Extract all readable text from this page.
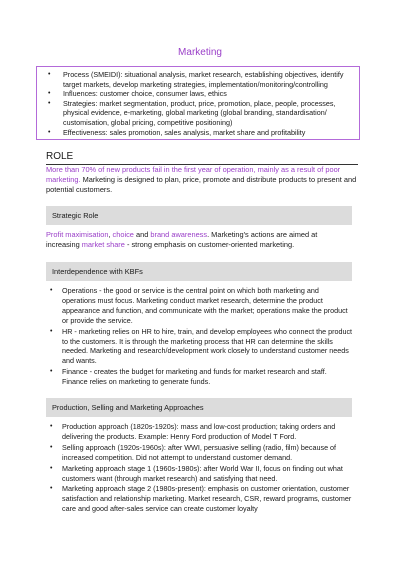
Marketing
• Process (SMEIDI): situational analysis, market research, establishing objectives, identify target markets, develop marketing strategies, implementation/monitoring/controlling
• Influences: customer choice, consumer laws, ethics
• Strategies: market segmentation, product, price, promotion, place, people, processes, physical evidence, e-marketing, global marketing (global branding, standardisation/ customisation, global pricing, competitive positioning)
• Effectiveness: sales promotion, sales analysis, market share and profitability
ROLE
More than 70% of new products fail in the first year of operation, mainly as a result of poor marketing. Marketing is designed to plan, price, promote and distribute products to present and potential customers.
Strategic Role
Profit maximisation, choice and brand awareness. Marketing's actions are aimed at increasing market share - strong emphasis on customer-oriented marketing.
Interdependence with KBFs
• Operations - the good or service is the central point on which both marketing and operations must focus. Marketing conduct market research, determine the product appearance and function, and communicate with the market; operations make the product or provide the service.
• HR - marketing relies on HR to hire, train, and develop employees who connect the product to the customers. It is through the marketing process that HR can determine the skills needed. Marketing and research/development work closely to understand customer needs and wants.
• Finance - creates the budget for marketing and funds for market research and staff. Finance relies on marketing to generate funds.
Production, Selling and Marketing Approaches
• Production approach (1820s-1920s): mass and low-cost production; taking orders and delivering the products. Example: Henry Ford production of Model T Ford.
• Selling approach (1920s-1960s): after WWI, persuasive selling (radio, film) because of increased competition. Did not attempt to understand customer demand.
• Marketing approach stage 1 (1960s-1980s): after World War II, focus on finding out what customers want (through market research) and satisfying that need.
• Marketing approach stage 2 (1980s-present): emphasis on customer orientation, customer satisfaction and relationship marketing. Market research, CSR, reward programs, customer care and good after-sales service can create customer loyalty
